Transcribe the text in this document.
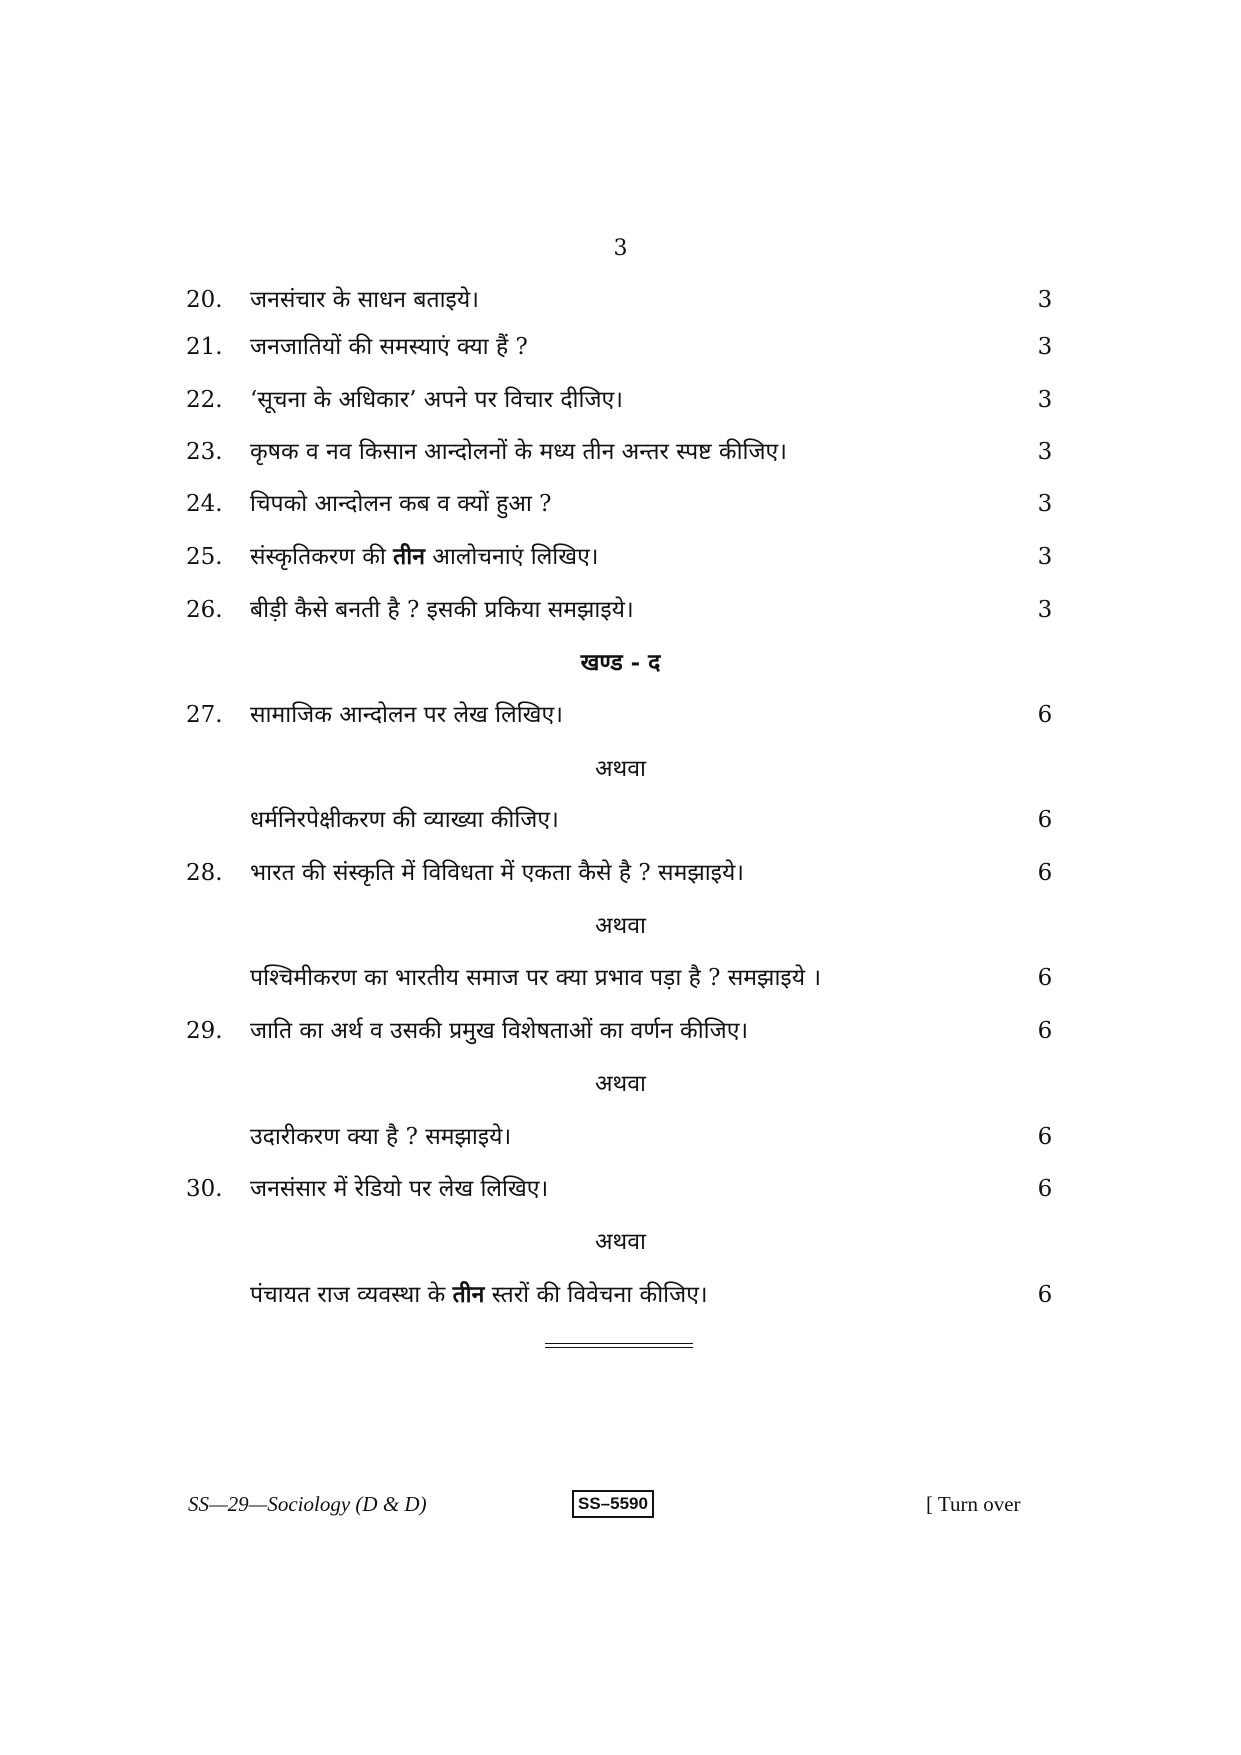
3
20.	जनसंचार के साधन बताइये।	3
21.	जनजातियों की समस्याएं क्या हैं ?	3
22.	‘सूचना के अधिकार’ अपने पर विचार दीजिए।	3
23.	कृषक व नव किसान आन्दोलनों के मध्य तीन अन्तर स्पष्ट कीजिए।	3
24.	चिपको आन्दोलन कब व क्यों हुआ ?	3
25.	संस्कृतिकरण की तीन आलोचनाएं लिखिए।	3
26.	बीड़ी कैसे बनती है ? इसकी प्रकिया समझाइये।	3
खण्ड - द
27.	सामाजिक आन्दोलन पर लेख लिखिए।	6
अथवा
धर्मनिरपेक्षीकरण की व्याख्या कीजिए।	6
28.	भारत की संस्कृति में विविधता में एकता कैसे है ? समझाइये।	6
अथवा
पश्चिमीकरण का भारतीय समाज पर क्या प्रभाव पड़ा है ? समझाइये ।	6
29.	जाति का अर्थ व उसकी प्रमुख विशेषताओं का वर्णन कीजिए।	6
अथवा
उदारीकरण क्या है ? समझाइये।	6
30.	जनसंसार में रेडियो पर लेख लिखिए।	6
अथवा
पंचायत राज व्यवस्था के तीन स्तरों की विवेचना कीजिए।	6
SS—29—Sociology (D & D)	SS–5590	[ Turn over
